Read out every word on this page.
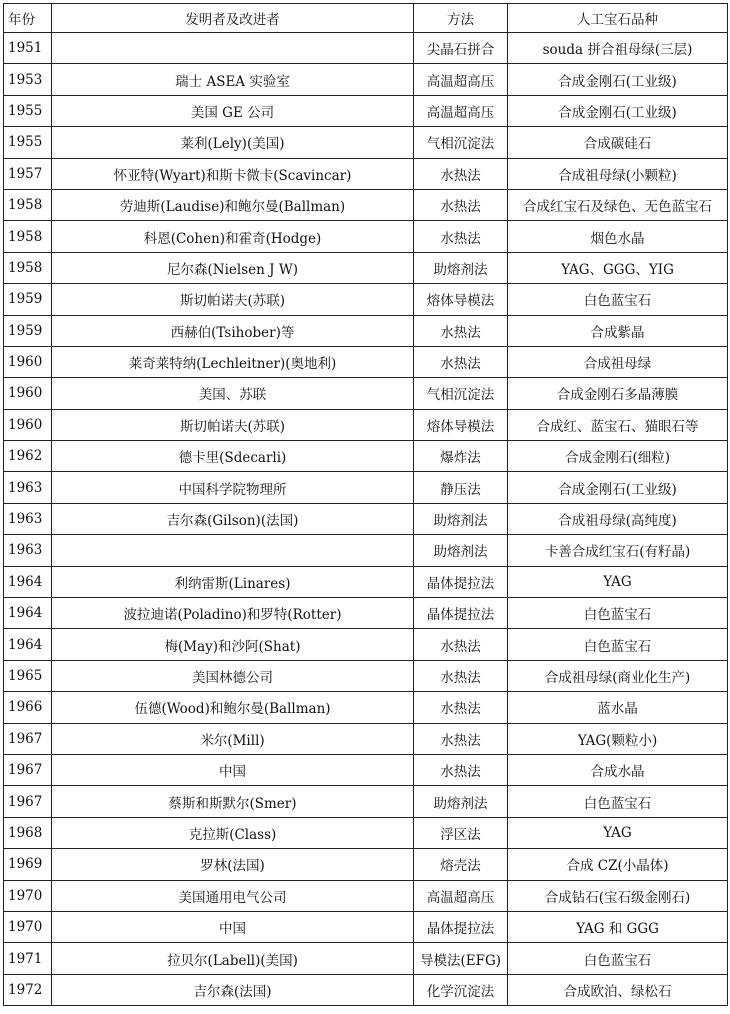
年份	发明者及改进者	方法	人工宝石品种
1951		尖晶石拼合	souda 拼合祖母绿(三层)
1953	瑞士 ASEA 实验室	高温超高压	合成金刚石(工业级)
1955	美国 GE 公司	高温超高压	合成金刚石(工业级)
1955	莱利(Lely)(美国)	气相沉淀法	合成碳硅石
1957	怀亚特(Wyart)和斯卡微卡(Scavincar)	水热法	合成祖母绿(小颗粒)
1958	劳迪斯(Laudise)和鲍尔曼(Ballman)	水热法	合成红宝石及绿色、无色蓝宝石
1958	科恩(Cohen)和霍奇(Hodge)	水热法	烟色水晶
1958	尼尔森(Nielsen J W)	助熔剂法	YAG、GGG、YIG
1959	斯切帕诺夫(苏联)	熔体导模法	白色蓝宝石
1959	西赫伯(Tsihober)等	水热法	合成紫晶
1960	莱奇莱特纳(Lechleitner)(奥地利)	水热法	合成祖母绿
1960	美国、苏联	气相沉淀法	合成金刚石多晶薄膜
1960	斯切帕诺夫(苏联)	熔体导模法	合成红、蓝宝石、猫眼石等
1962	德卡里(Sdecarli)	爆炸法	合成金刚石(细粒)
1963	中国科学院物理所	静压法	合成金刚石(工业级)
1963	吉尔森(Gilson)(法国)	助熔剂法	合成祖母绿(高纯度)
1963		助熔剂法	卡善合成红宝石(有籽晶)
1964	利纳雷斯(Linares)	晶体提拉法	YAG
1964	波拉迪诺(Poladino)和罗特(Rotter)	晶体提拉法	白色蓝宝石
1964	梅(May)和沙阿(Shat)	水热法	白色蓝宝石
1965	美国林德公司	水热法	合成祖母绿(商业化生产)
1966	伍德(Wood)和鲍尔曼(Ballman)	水热法	蓝水晶
1967	米尔(Mill)	水热法	YAG(颗粒小)
1967	中国	水热法	合成水晶
1967	蔡斯和斯默尔(Smer)	助熔剂法	白色蓝宝石
1968	克拉斯(Class)	浮区法	YAG
1969	罗林(法国)	熔壳法	合成 CZ(小晶体)
1970	美国通用电气公司	高温超高压	合成钻石(宝石级金刚石)
1970	中国	晶体提拉法	YAG 和 GGG
1971	拉贝尔(Labell)(美国)	导模法(EFG)	白色蓝宝石
1972	吉尔森(法国)	化学沉淀法	合成欧泊、绿松石
